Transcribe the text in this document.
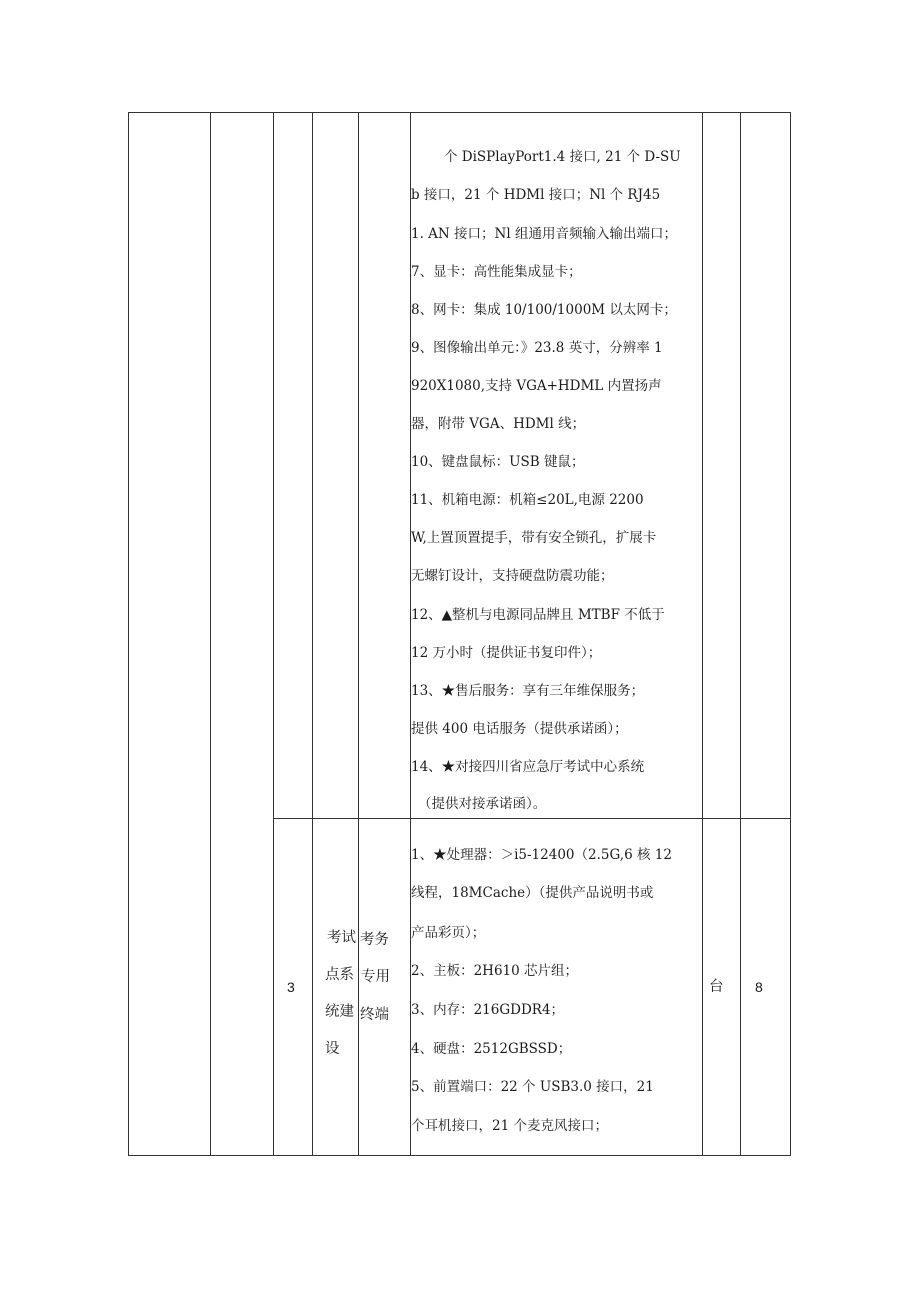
个 DiSPlayPort1.4 接口, 21 个 D-SU
b 接口，21 个 HDMl 接口；Nl 个 RJ45
1. AN 接口；Nl 组通用音频输入输出端口；
7、显卡：高性能集成显卡；
8、网卡：集成 10/100/1000M 以太网卡；
9、图像输出单元：》23.8 英寸，分辨率 1
920X1080,支持 VGA+HDML 内置扬声
器，附带 VGA、HDMl 线；
10、键盘鼠标：USB 键鼠；
11、机箱电源：机箱≤20L,电源 2200
W,上置顶置提手，带有安全锁孔，扩展卡
无螺钉设计，支持硬盘防震功能；
12、▲整机与电源同品牌且 MTBF 不低于
12 万小时（提供证书复印件）；
13、★售后服务：享有三年维保服务；
提供 400 电话服务（提供承诺函）；
14、★对接四川省应急厅考试中心系统
（提供对接承诺函）。
3
考试
点系
统建
设
考务
专用
终端
1、★处理器：＞i5-12400（2.5G,6 核 12
线程，18MCache）（提供产品说明书或
产品彩页）；
2、主板：2H610 芯片组；
3、内存：216GDDR4；
4、硬盘：2512GBSSD；
5、前置端口：22 个 USB3.0 接口，21
个耳机接口，21 个麦克风接口；
台 8
